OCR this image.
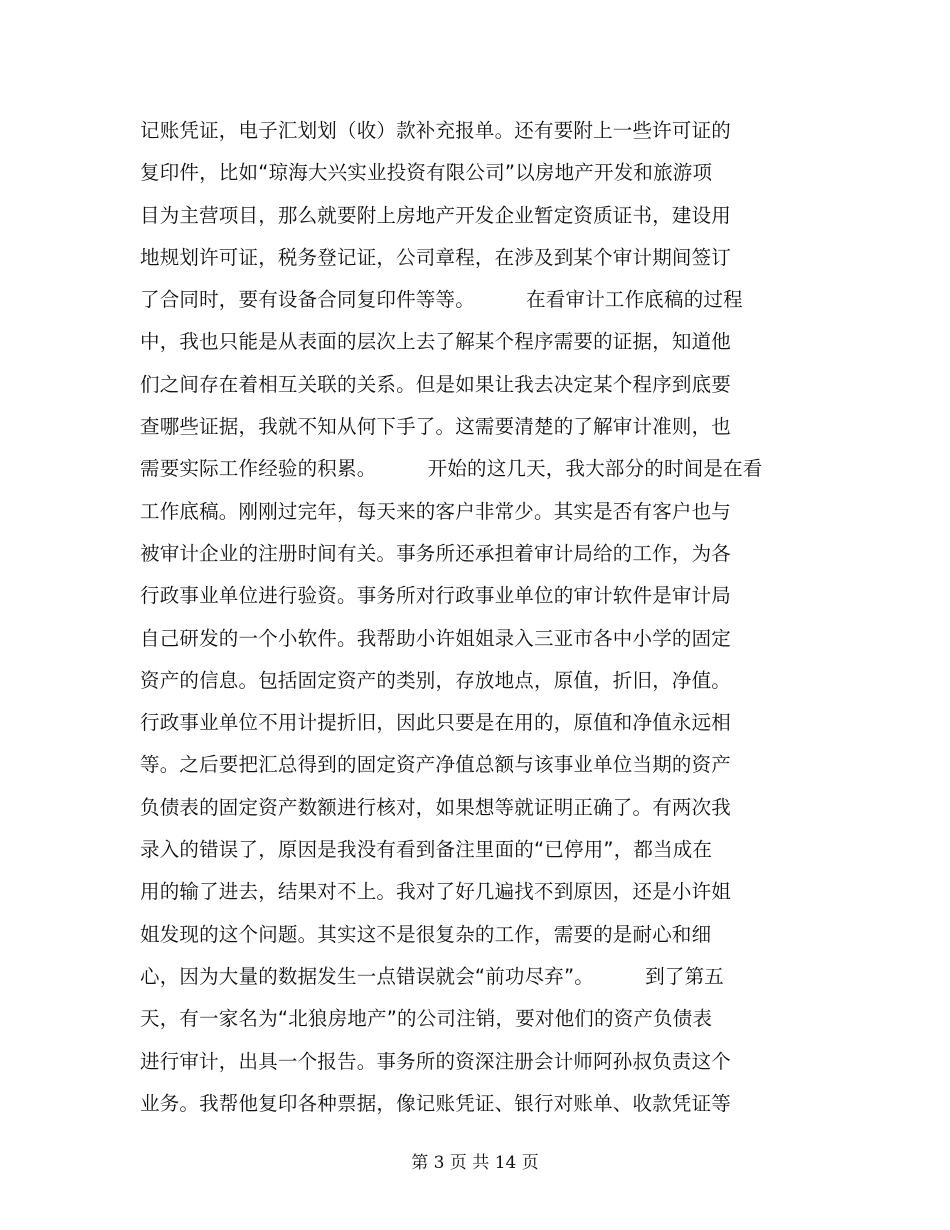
记账凭证，电子汇划划（收）款补充报单。还有要附上一些许可证的
复印件，比如“琼海大兴实业投资有限公司”以房地产开发和旅游项
目为主营项目，那么就要附上房地产开发企业暂定资质证书，建设用
地规划许可证，税务登记证，公司章程，在涉及到某个审计期间签订
了合同时，要有设备合同复印件等等。        在看审计工作底稿的过程
中，我也只能是从表面的层次上去了解某个程序需要的证据，知道他
们之间存在着相互关联的关系。但是如果让我去决定某个程序到底要
查哪些证据，我就不知从何下手了。这需要清楚的了解审计准则，也
需要实际工作经验的积累。        开始的这几天，我大部分的时间是在看
工作底稿。刚刚过完年，每天来的客户非常少。其实是否有客户也与
被审计企业的注册时间有关。事务所还承担着审计局给的工作，为各
行政事业单位进行验资。事务所对行政事业单位的审计软件是审计局
自己研发的一个小软件。我帮助小许姐姐录入三亚市各中小学的固定
资产的信息。包括固定资产的类别，存放地点，原值，折旧，净值。
行政事业单位不用计提折旧，因此只要是在用的，原值和净值永远相
等。之后要把汇总得到的固定资产净值总额与该事业单位当期的资产
负债表的固定资产数额进行核对，如果想等就证明正确了。有两次我
录入的错误了，原因是我没有看到备注里面的“已停用”，都当成在
用的输了进去，结果对不上。我对了好几遍找不到原因，还是小许姐
姐发现的这个问题。其实这不是很复杂的工作，需要的是耐心和细
心，因为大量的数据发生一点错误就会“前功尽弃”。        到了第五
天，有一家名为“北狼房地产”的公司注销，要对他们的资产负债表
进行审计，出具一个报告。事务所的资深注册会计师阿孙叔负责这个
业务。我帮他复印各种票据，像记账凭证、银行对账单、收款凭证等
第 3 页 共 14 页
